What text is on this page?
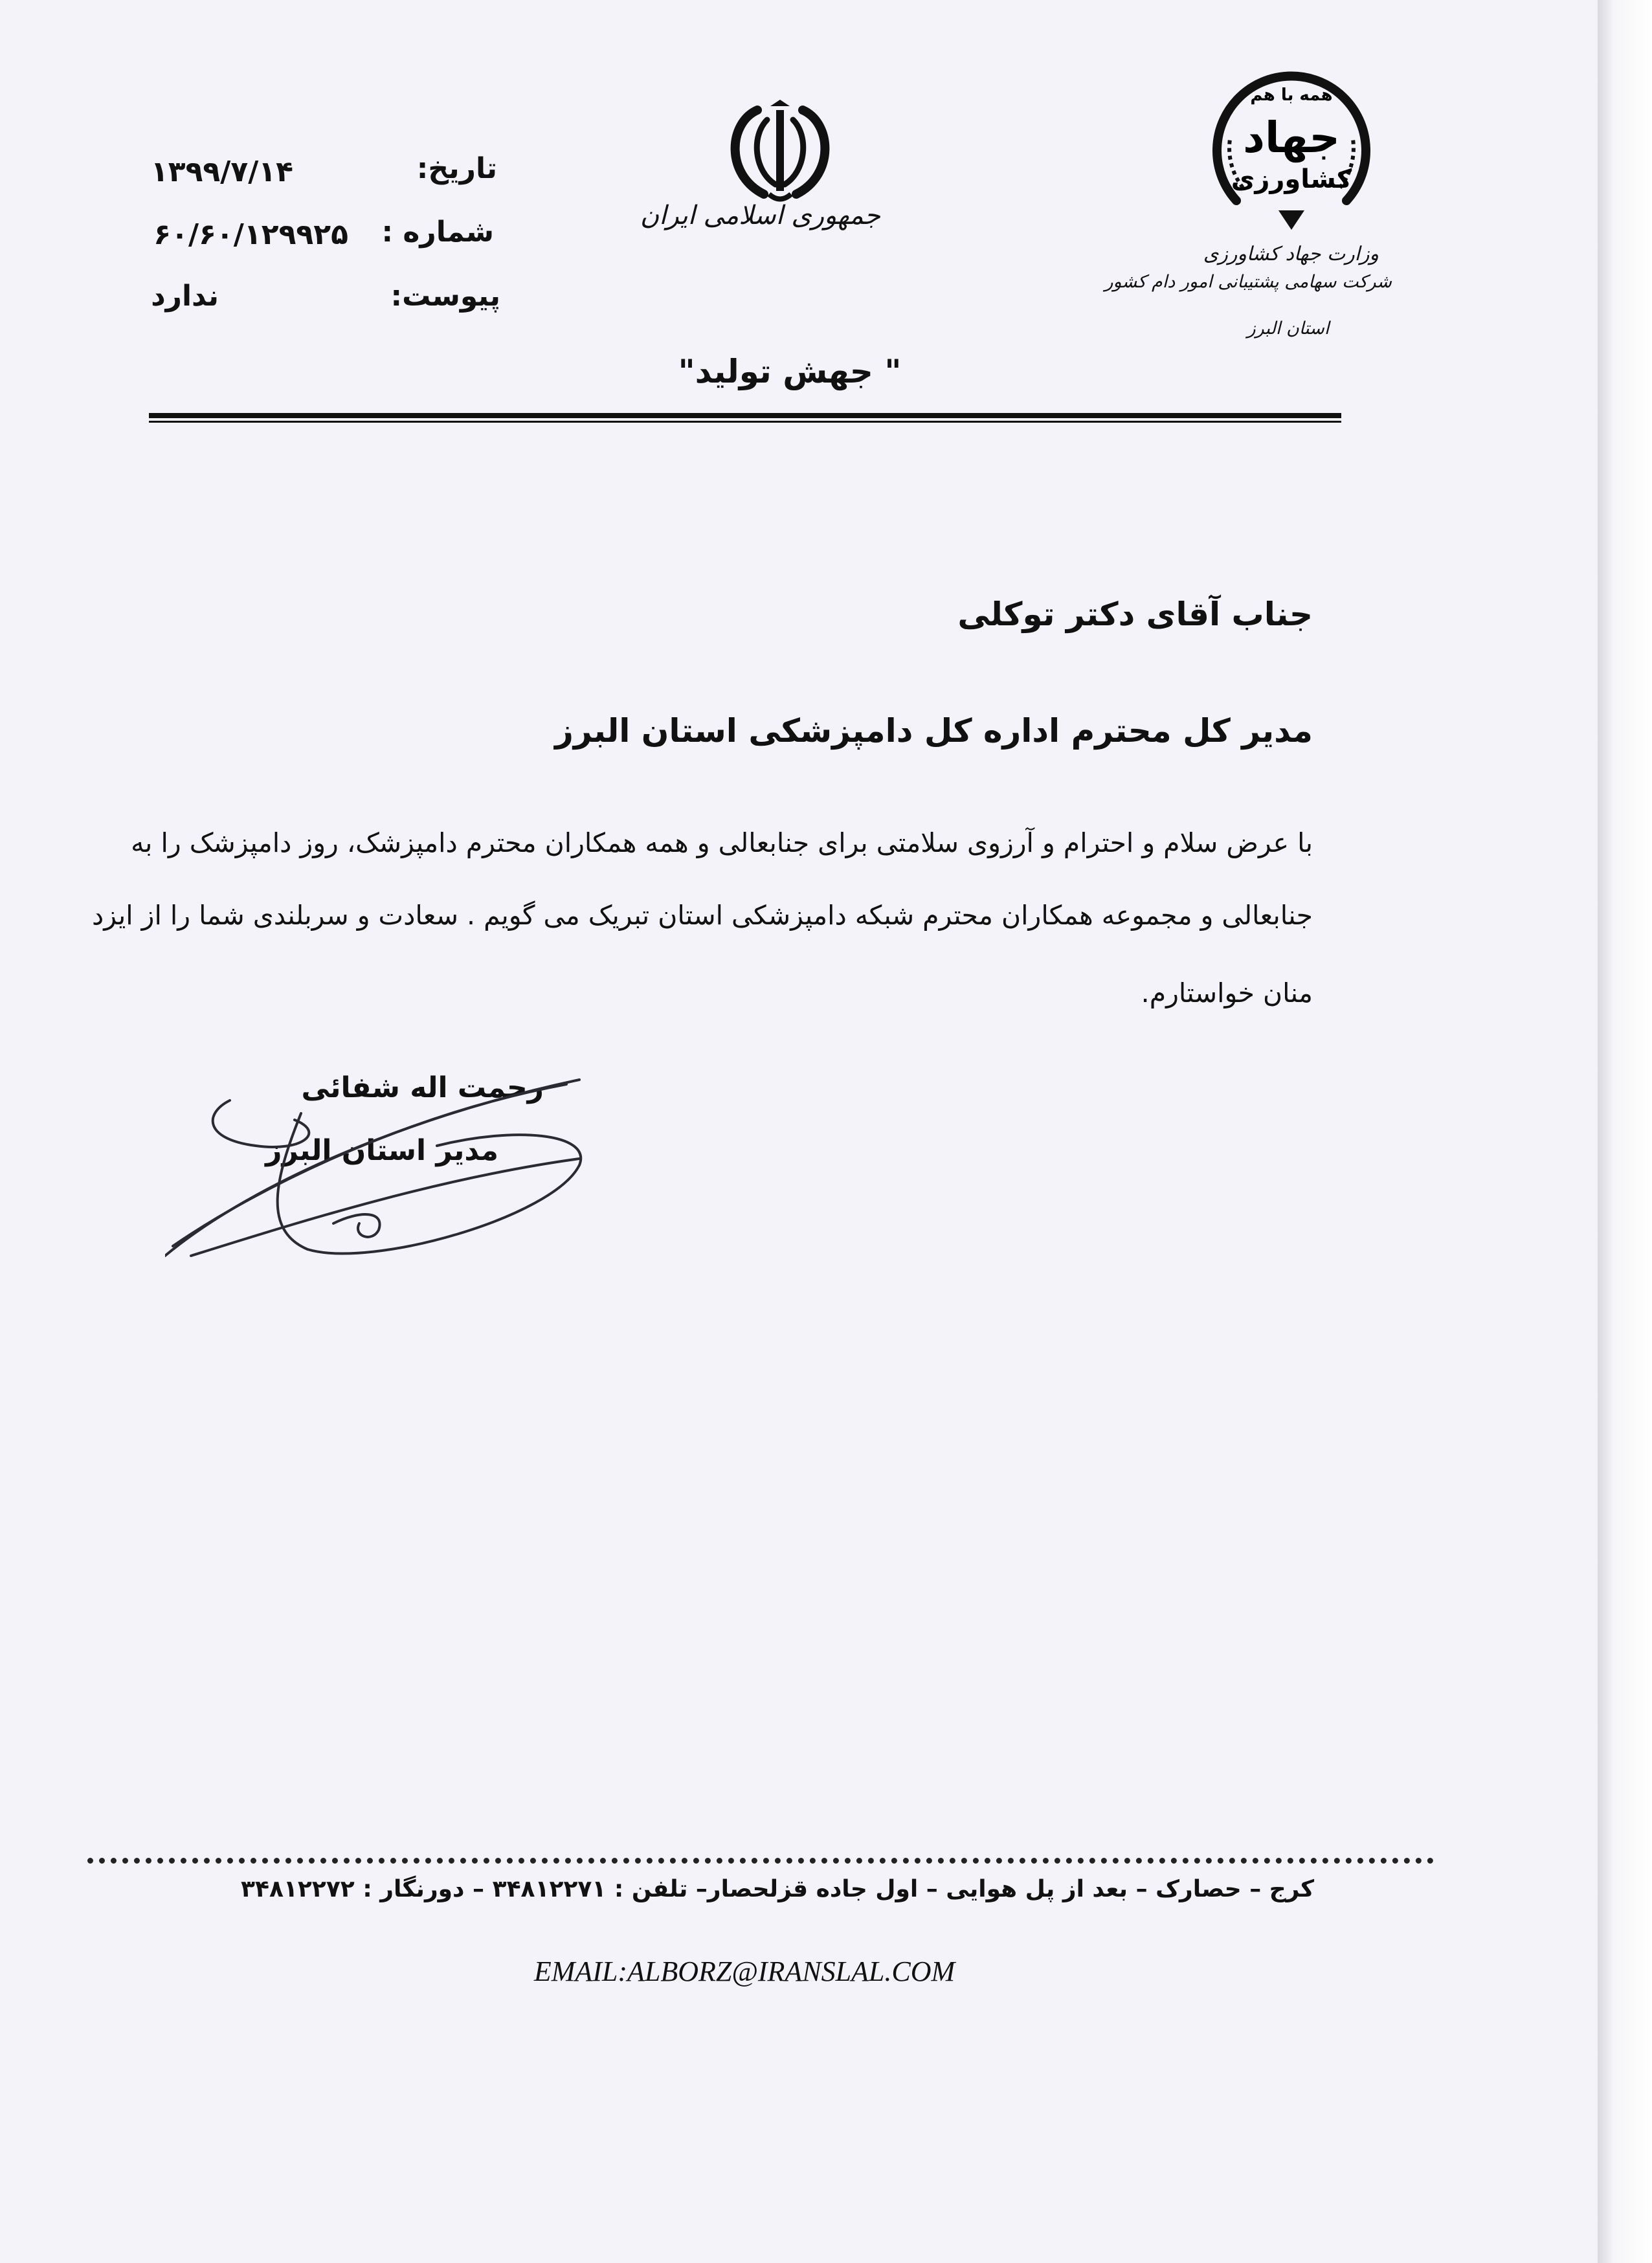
تاریخ:
۱۳۹۹/۷/۱۴
شماره :
۶۰/۶۰/۱۲۹۹۲۵
پیوست:
ندارد
جمهوری اسلامی ایران
همه با هم
جهاد
کشاورزی
وزارت جهاد کشاورزی
شرکت سهامی پشتیبانی امور دام کشور
استان البرز
" جهش تولید"
جناب آقای دکتر توکلی
مدیر کل محترم اداره کل دامپزشکی استان البرز
با عرض سلام و احترام و آرزوی سلامتی برای جنابعالی و همه همکاران محترم دامپزشک، روز دامپزشک را به
جنابعالی و مجموعه همکاران محترم شبکه دامپزشکی استان تبریک می گویم . سعادت و سربلندی شما را از ایزد
منان خواستارم.
رحمت اله شفائی
مدیر استان البرز
کرج – حصارک – بعد از پل هوایی – اول جاده قزلحصار– تلفن : ۳۴۸۱۲۲۷۱ – دورنگار : ۳۴۸۱۲۲۷۲
EMAIL:ALBORZ@IRANSLAL.COM
